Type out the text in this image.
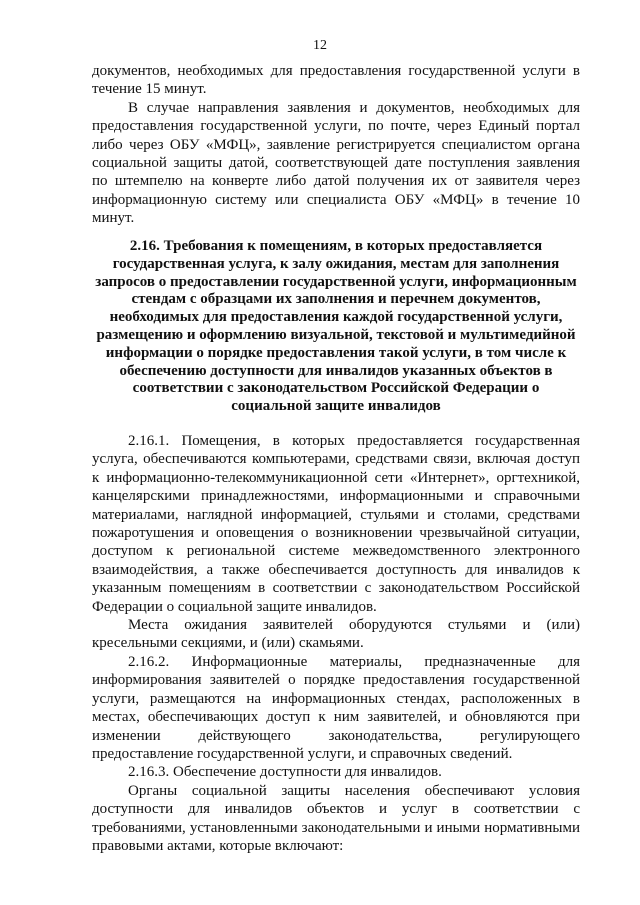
12

документов, необходимых для предоставления государственной услуги в течение 15 минут.

В случае направления заявления и документов, необходимых для предоставления государственной услуги, по почте, через Единый портал либо через ОБУ «МФЦ», заявление регистрируется специалистом органа социальной защиты датой, соответствующей дате поступления заявления по штемпелю на конверте либо датой получения их от заявителя через информационную систему или специалиста ОБУ «МФЦ» в течение 10 минут.

2.16. Требования к помещениям, в которых предоставляется государственная услуга, к залу ожидания, местам для заполнения запросов о предоставлении государственной услуги, информационным стендам с образцами их заполнения и перечнем документов, необходимых для предоставления каждой государственной услуги, размещению и оформлению визуальной, текстовой и мультимедийной информации о порядке предоставления такой услуги, в том числе к обеспечению доступности для инвалидов указанных объектов в соответствии с законодательством Российской Федерации о социальной защите инвалидов

2.16.1. Помещения, в которых предоставляется государственная услуга, обеспечиваются компьютерами, средствами связи, включая доступ к информационно-телекоммуникационной сети «Интернет», оргтехникой, канцелярскими принадлежностями, информационными и справочными материалами, наглядной информацией, стульями и столами, средствами пожаротушения и оповещения о возникновении чрезвычайной ситуации, доступом к региональной системе межведомственного электронного взаимодействия, а также обеспечивается доступность для инвалидов к указанным помещениям в соответствии с законодательством Российской Федерации о социальной защите инвалидов.

Места ожидания заявителей оборудуются стульями и (или) кресельными секциями, и (или) скамьями.

2.16.2. Информационные материалы, предназначенные для информирования заявителей о порядке предоставления государственной услуги, размещаются на информационных стендах, расположенных в местах, обеспечивающих доступ к ним заявителей, и обновляются при изменении действующего законодательства, регулирующего предоставление государственной услуги, и справочных сведений.

2.16.3. Обеспечение доступности для инвалидов.

Органы социальной защиты населения обеспечивают условия доступности для инвалидов объектов и услуг в соответствии с требованиями, установленными законодательными и иными нормативными правовыми актами, которые включают:
